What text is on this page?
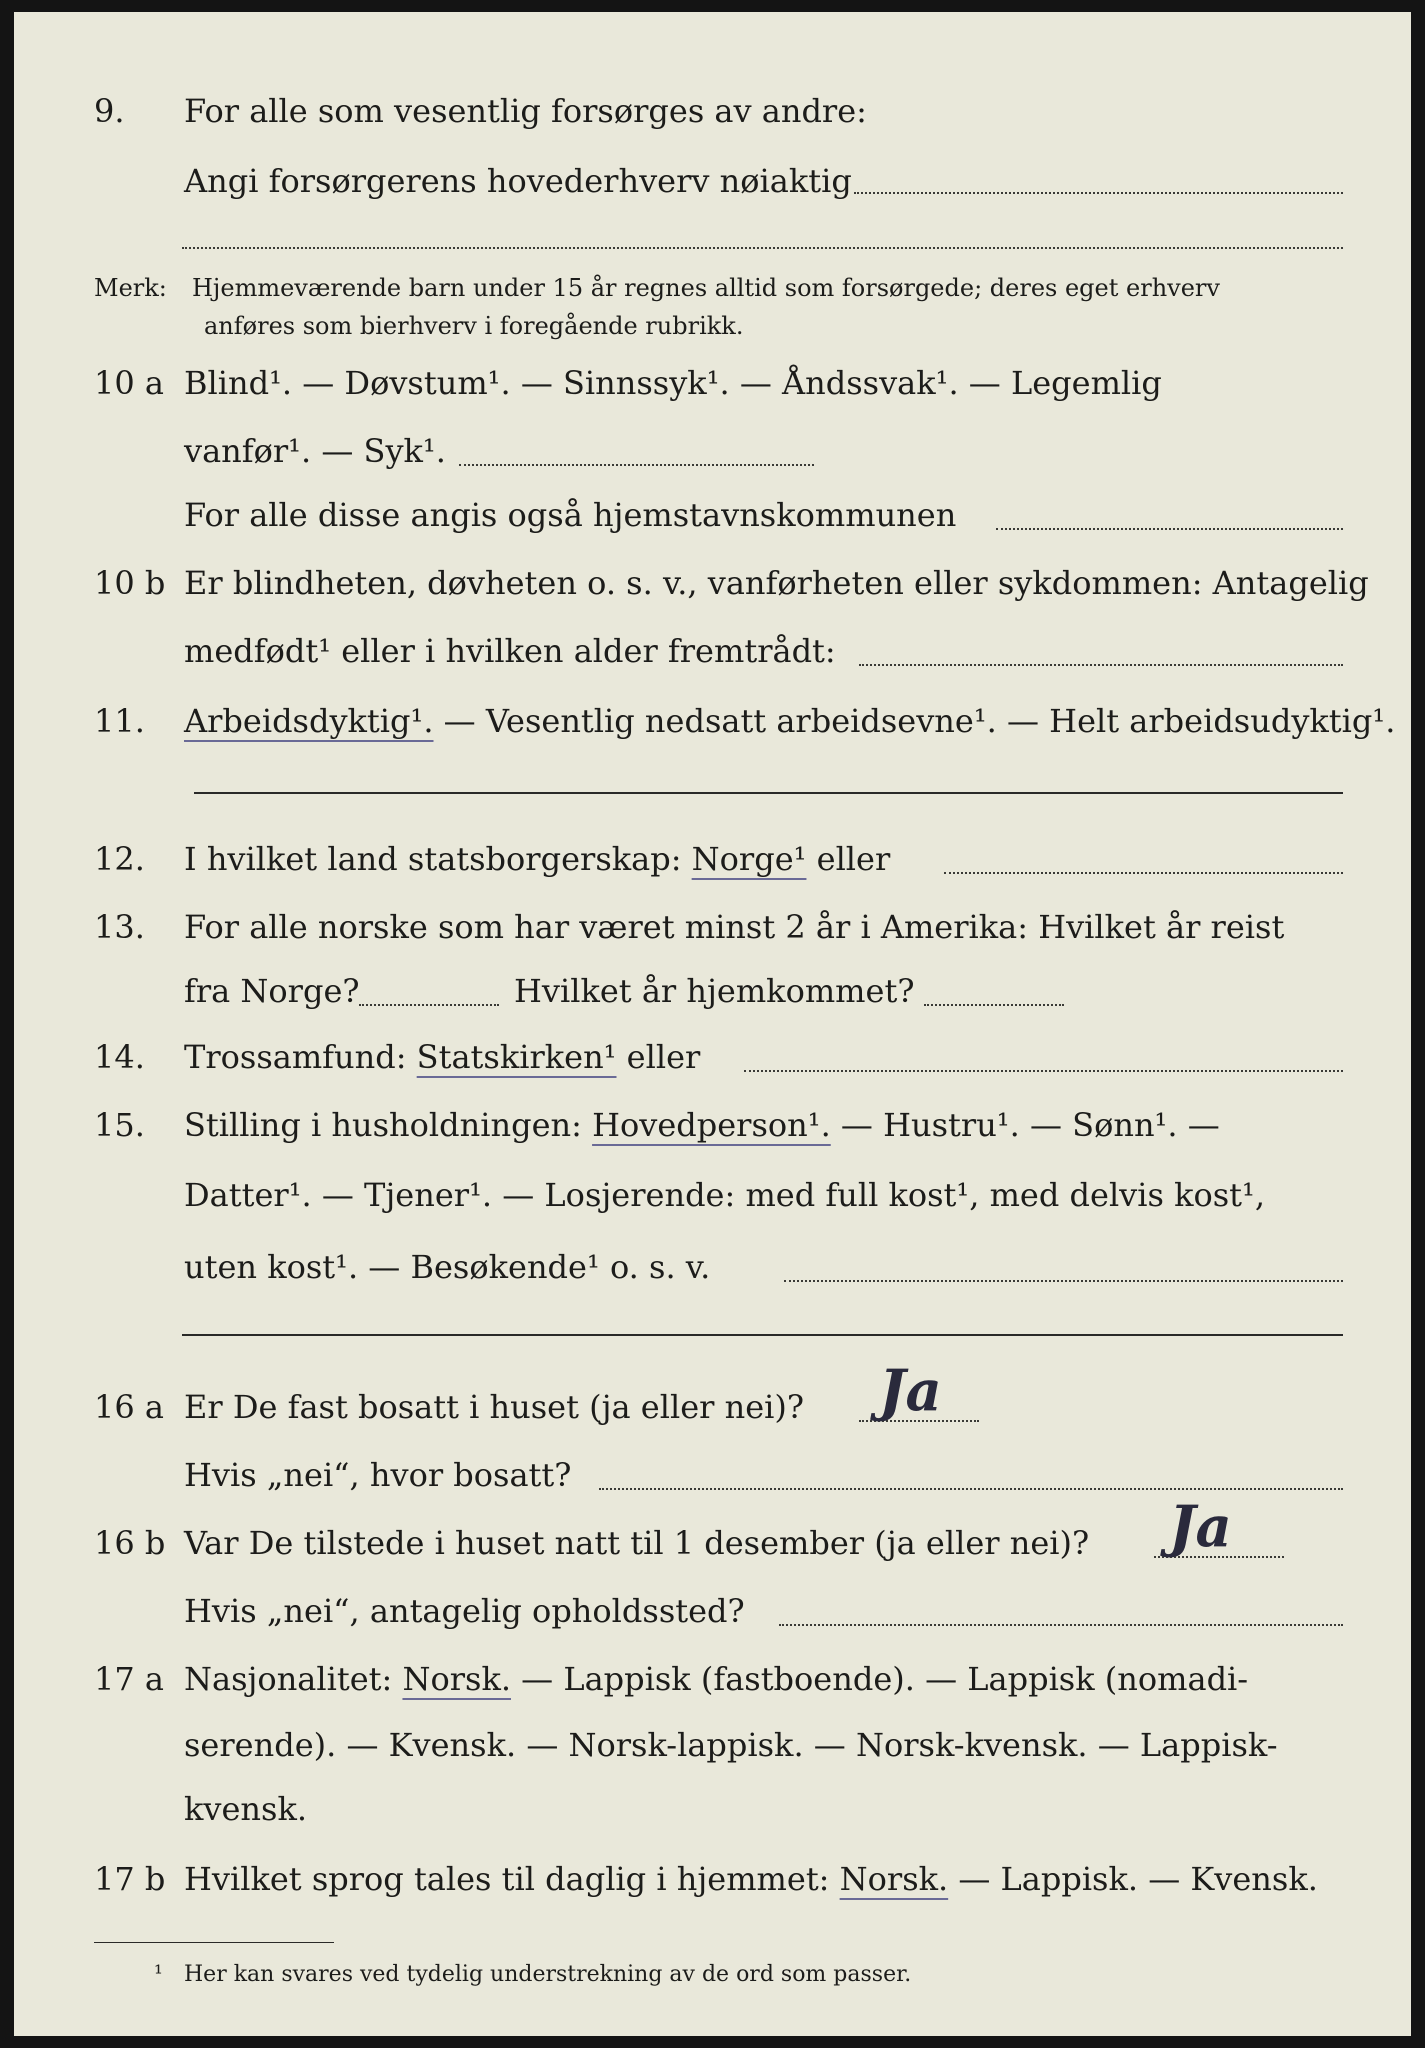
9. For alle som vesentlig forsørges av andre:
Angi forsørgerens hovederhverv nøiaktig
Merk: Hjemmeværende barn under 15 år regnes alltid som forsørgede; deres eget erhverv
anføres som bierhverv i foregående rubrikk.
10 a Blind¹. — Døvstum¹. — Sinnssyk¹. — Åndssvak¹. — Legemlig
vanfør¹. — Syk¹.
For alle disse angis også hjemstavnskommunen
10 b Er blindheten, døvheten o. s. v., vanførheten eller sykdommen: Antagelig
medfødt¹ eller i hvilken alder fremtrådt:
11. Arbeidsdyktig¹. — Vesentlig nedsatt arbeidsevne¹. — Helt arbeidsudyktig¹.
12. I hvilket land statsborgerskap: Norge¹ eller
13. For alle norske som har været minst 2 år i Amerika: Hvilket år reist
fra Norge?	Hvilket år hjemkommet?
14. Trossamfund: Statskirken¹ eller
15. Stilling i husholdningen: Hovedperson¹. — Hustru¹. — Sønn¹. —
Datter¹. — Tjener¹. — Losjerende: med full kost¹, med delvis kost¹,
uten kost¹. — Besøkende¹ o. s. v.
16 a Er De fast bosatt i huset (ja eller nei)? Ja
Hvis „nei“, hvor bosatt?
16 b Var De tilstede i huset natt til 1 desember (ja eller nei)? Ja
Hvis „nei“, antagelig opholdssted?
17 a Nasjonalitet: Norsk. — Lappisk (fastboende). — Lappisk (nomadi-
serende). — Kvensk. — Norsk-lappisk. — Norsk-kvensk. — Lappisk-
kvensk.
17 b Hvilket sprog tales til daglig i hjemmet: Norsk. — Lappisk. — Kvensk.
¹ Her kan svares ved tydelig understrekning av de ord som passer.
